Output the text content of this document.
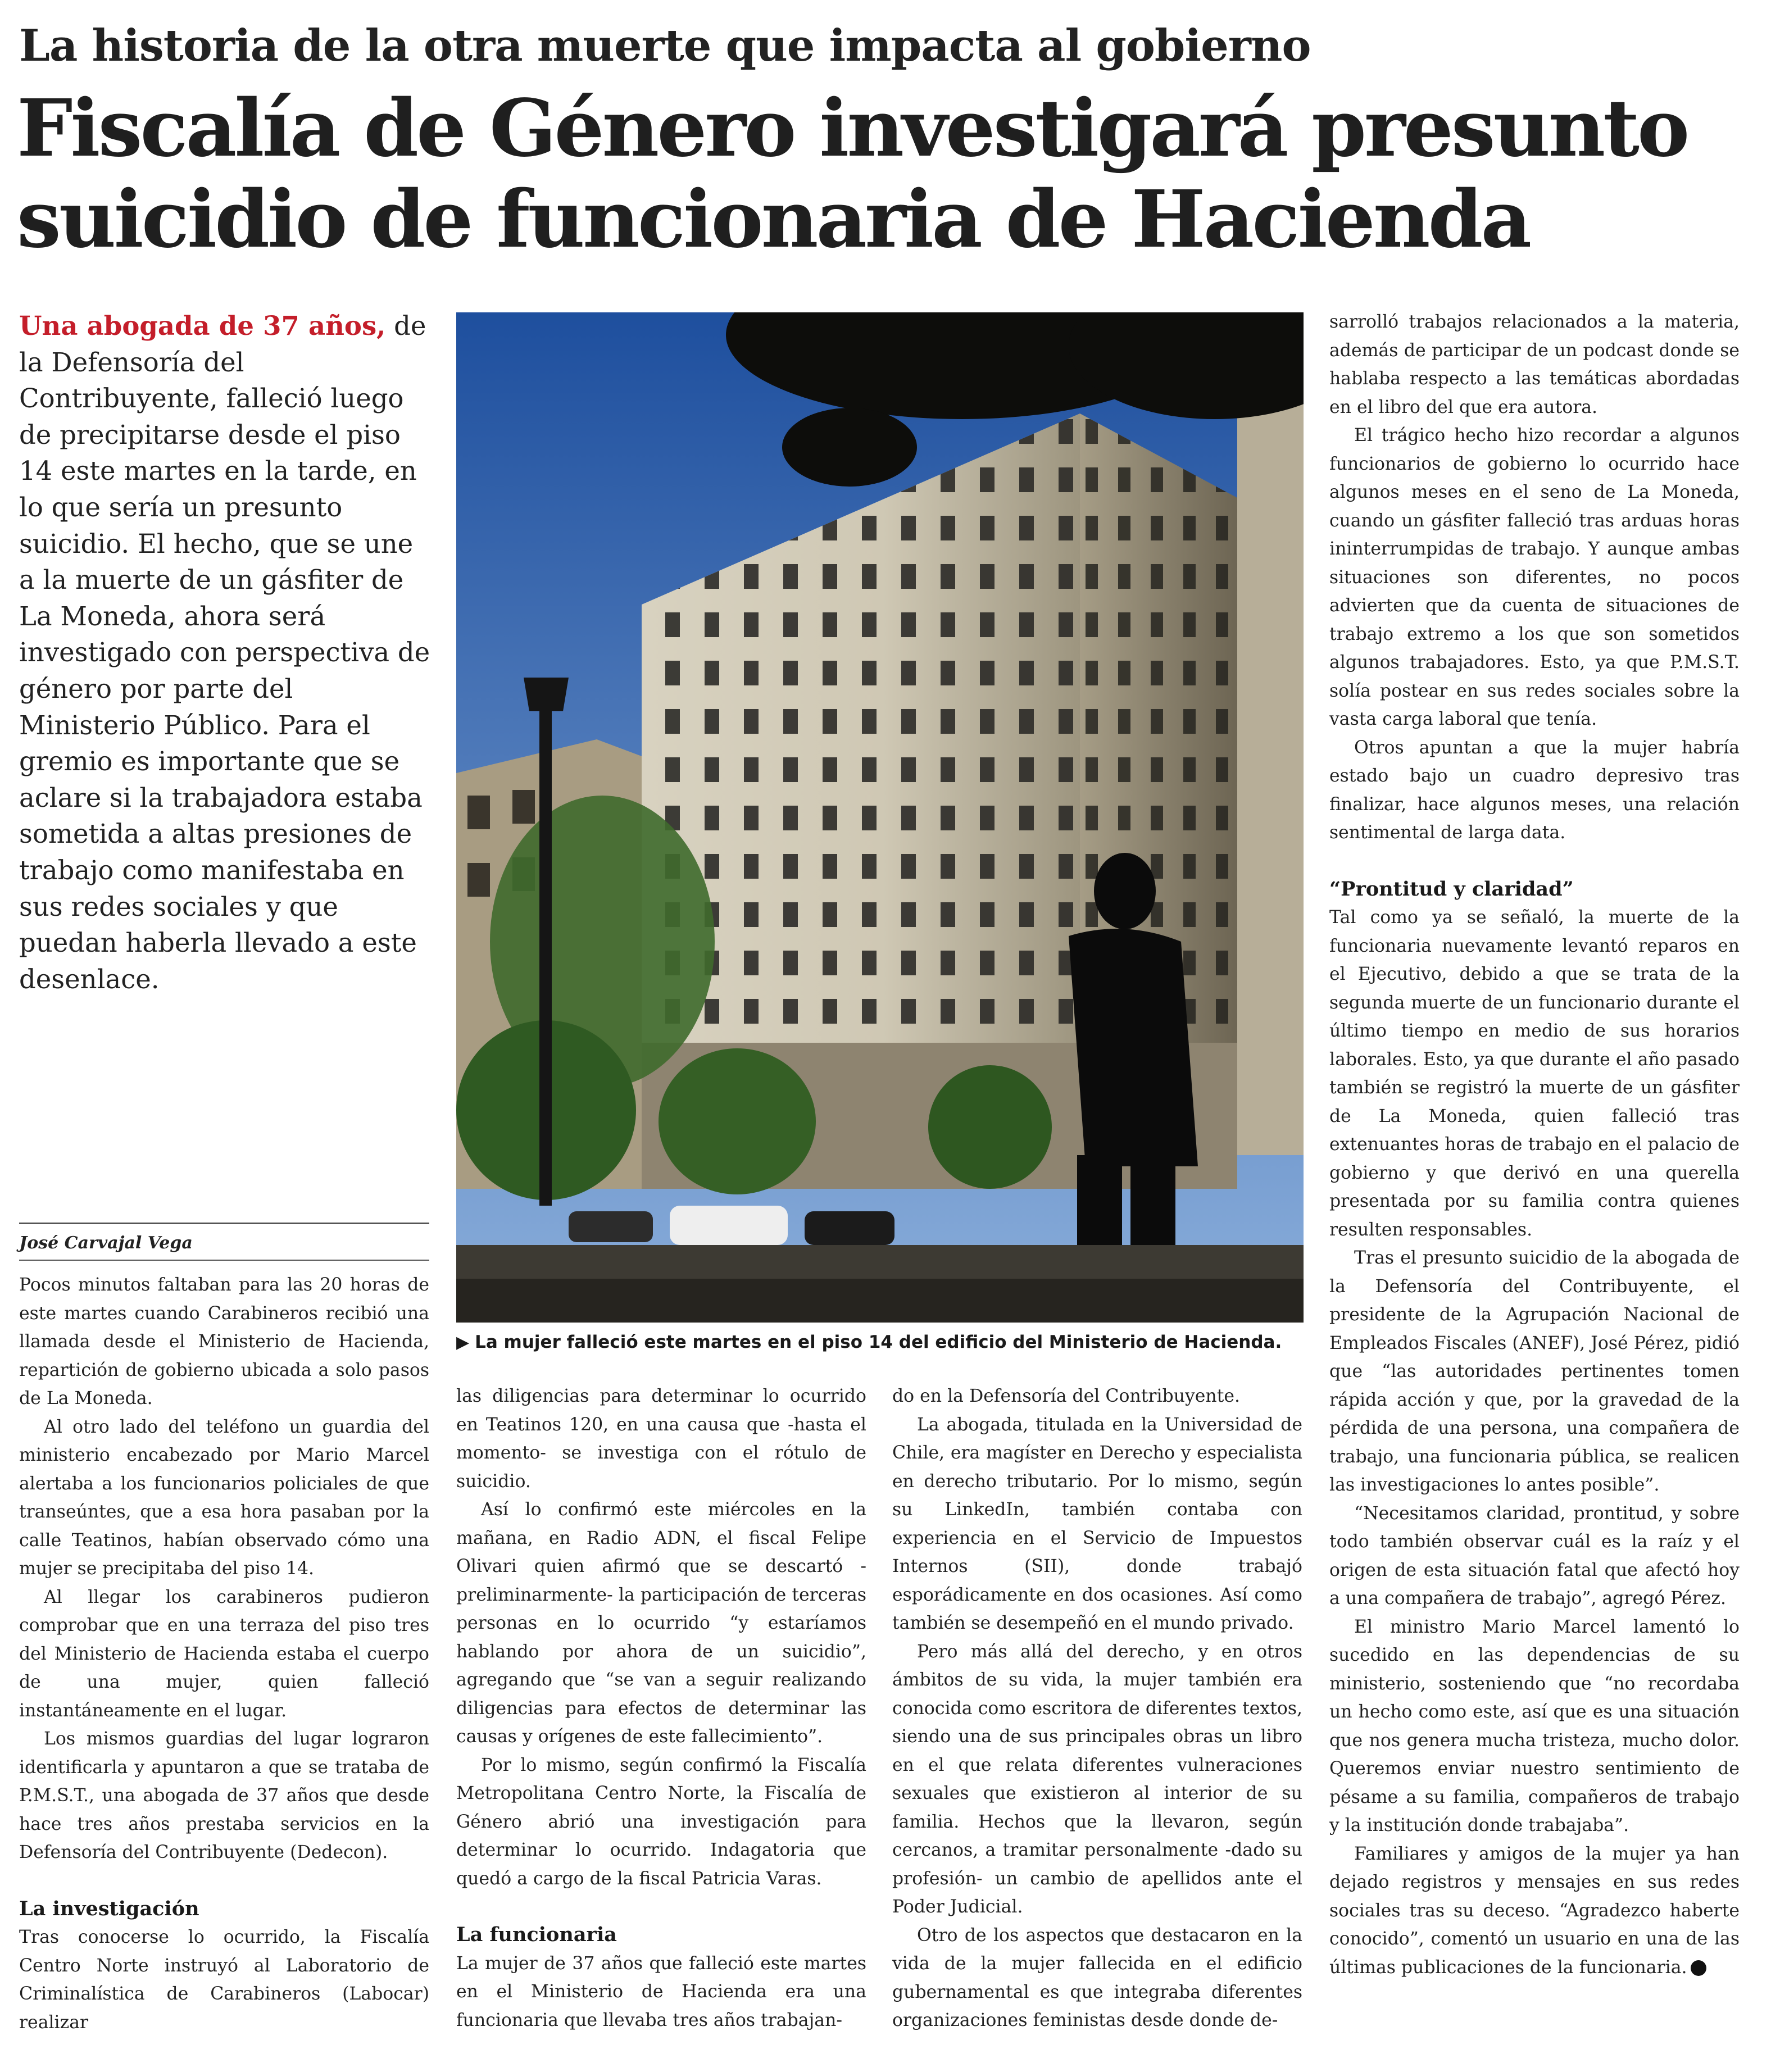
La historia de la otra muerte que impacta al gobierno
Fiscalía de Género investigará presunto
suicidio de funcionaria de Hacienda
Una abogada de 37 años, de la Defensoría del Contribuyente, falleció luego de precipitarse desde el piso 14 este martes en la tarde, en lo que sería un presunto suicidio. El hecho, que se une a la muerte de un gásfiter de La Moneda, ahora será investigado con perspectiva de género por parte del Ministerio Público. Para el gremio es importante que se aclare si la trabajadora estaba sometida a altas presiones de trabajo como manifestaba en sus redes sociales y que puedan haberla llevado a este desenlace.
José Carvajal Vega
▶ La mujer falleció este martes en el piso 14 del edificio del Ministerio de Hacienda.

Pocos minutos faltaban para las 20 horas de este martes cuando Carabineros recibió una llamada desde el Ministerio de Hacienda, repartición de gobierno ubicada a solo pasos de La Moneda.

Al otro lado del teléfono un guardia del ministerio encabezado por Mario Marcel alertaba a los funcionarios policiales de que transeúntes, que a esa hora pasaban por la calle Teatinos, habían observado cómo una mujer se precipitaba del piso 14.

Al llegar los carabineros pudieron comprobar que en una terraza del piso tres del Ministerio de Hacienda estaba el cuerpo de una mujer, quien falleció instantáneamente en el lugar.

Los mismos guardias del lugar lograron identificarla y apuntaron a que se trataba de P.M.S.T., una abogada de 37 años que desde hace tres años prestaba servicios en la Defensoría del Contribuyente (Dedecon).

La investigación

Tras conocerse lo ocurrido, la Fiscalía Centro Norte instruyó al Laboratorio de Criminalística de Carabineros (Labocar) realizar

las diligencias para determinar lo ocurrido en Teatinos 120, en una causa que -hasta el momento- se investiga con el rótulo de suicidio.

Así lo confirmó este miércoles en la mañana, en Radio ADN, el fiscal Felipe Olivari quien afirmó que se descartó -preliminarmente- la participación de terceras personas en lo ocurrido “y estaríamos hablando por ahora de un suicidio”, agregando que “se van a seguir realizando diligencias para efectos de determinar las causas y orígenes de este fallecimiento”.

Por lo mismo, según confirmó la Fiscalía Metropolitana Centro Norte, la Fiscalía de Género abrió una investigación para determinar lo ocurrido. Indagatoria que quedó a cargo de la fiscal Patricia Varas.

La funcionaria

La mujer de 37 años que falleció este martes en el Ministerio de Hacienda era una funcionaria que llevaba tres años trabajan-

do en la Defensoría del Contribuyente.

La abogada, titulada en la Universidad de Chile, era magíster en Derecho y especialista en derecho tributario. Por lo mismo, según su LinkedIn, también contaba con experiencia en el Servicio de Impuestos Internos (SII), donde trabajó esporádicamente en dos ocasiones. Así como también se desempeñó en el mundo privado.

Pero más allá del derecho, y en otros ámbitos de su vida, la mujer también era conocida como escritora de diferentes textos, siendo una de sus principales obras un libro en el que relata diferentes vulneraciones sexuales que existieron al interior de su familia. Hechos que la llevaron, según cercanos, a tramitar personalmente -dado su profesión- un cambio de apellidos ante el Poder Judicial.

Otro de los aspectos que destacaron en la vida de la mujer fallecida en el edificio gubernamental es que integraba diferentes organizaciones feministas desde donde de-

sarrolló trabajos relacionados a la materia, además de participar de un podcast donde se hablaba respecto a las temáticas abordadas en el libro del que era autora.

El trágico hecho hizo recordar a algunos funcionarios de gobierno lo ocurrido hace algunos meses en el seno de La Moneda, cuando un gásfiter falleció tras arduas horas ininterrumpidas de trabajo. Y aunque ambas situaciones son diferentes, no pocos advierten que da cuenta de situaciones de trabajo extremo a los que son sometidos algunos trabajadores. Esto, ya que P.M.S.T. solía postear en sus redes sociales sobre la vasta carga laboral que tenía.

Otros apuntan a que la mujer habría estado bajo un cuadro depresivo tras finalizar, hace algunos meses, una relación sentimental de larga data.

“Prontitud y claridad”

Tal como ya se señaló, la muerte de la funcionaria nuevamente levantó reparos en el Ejecutivo, debido a que se trata de la segunda muerte de un funcionario durante el último tiempo en medio de sus horarios laborales. Esto, ya que durante el año pasado también se registró la muerte de un gásfiter de La Moneda, quien falleció tras extenuantes horas de trabajo en el palacio de gobierno y que derivó en una querella presentada por su familia contra quienes resulten responsables.

Tras el presunto suicidio de la abogada de la Defensoría del Contribuyente, el presidente de la Agrupación Nacional de Empleados Fiscales (ANEF), José Pérez, pidió que “las autoridades pertinentes tomen rápida acción y que, por la gravedad de la pérdida de una persona, una compañera de trabajo, una funcionaria pública, se realicen las investigaciones lo antes posible”.

“Necesitamos claridad, prontitud, y sobre todo también observar cuál es la raíz y el origen de esta situación fatal que afectó hoy a una compañera de trabajo”, agregó Pérez.

El ministro Mario Marcel lamentó lo sucedido en las dependencias de su ministerio, sosteniendo que “no recordaba un hecho como este, así que es una situación que nos genera mucha tristeza, mucho dolor. Queremos enviar nuestro sentimiento de pésame a su familia, compañeros de trabajo y la institución donde trabajaba”.

Familiares y amigos de la mujer ya han dejado registros y mensajes en sus redes sociales tras su deceso. “Agradezco haberte conocido”, comentó un usuario en una de las últimas publicaciones de la funcionaria.
